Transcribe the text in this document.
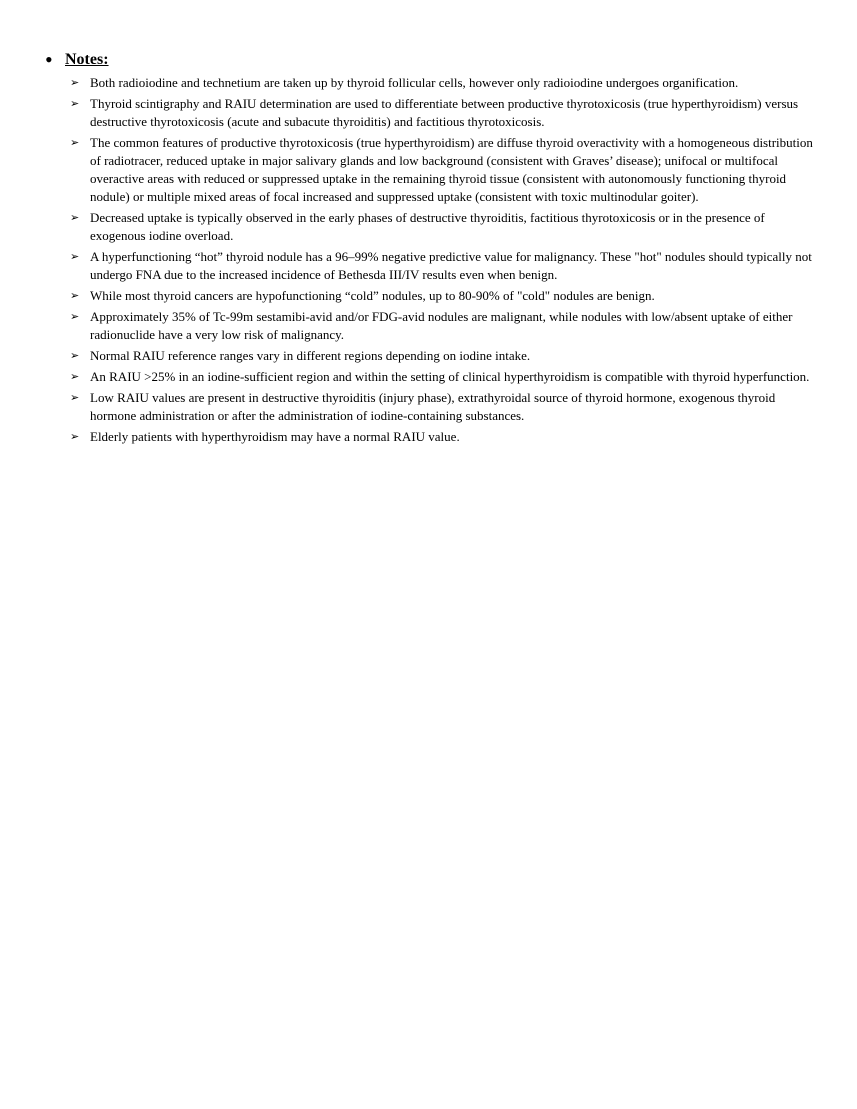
• Notes:
➢ Both radioiodine and technetium are taken up by thyroid follicular cells, however only radioiodine undergoes organification.
➢ Thyroid scintigraphy and RAIU determination are used to differentiate between productive thyrotoxicosis (true hyperthyroidism) versus destructive thyrotoxicosis (acute and subacute thyroiditis) and factitious thyrotoxicosis.
➢ The common features of productive thyrotoxicosis (true hyperthyroidism) are diffuse thyroid overactivity with a homogeneous distribution of radiotracer, reduced uptake in major salivary glands and low background (consistent with Graves’ disease); unifocal or multifocal overactive areas with reduced or suppressed uptake in the remaining thyroid tissue (consistent with autonomously functioning thyroid nodule) or multiple mixed areas of focal increased and suppressed uptake (consistent with toxic multinodular goiter).
➢ Decreased uptake is typically observed in the early phases of destructive thyroiditis, factitious thyrotoxicosis or in the presence of exogenous iodine overload.
➢ A hyperfunctioning “hot” thyroid nodule has a 96–99% negative predictive value for malignancy. These "hot" nodules should typically not undergo FNA due to the increased incidence of Bethesda III/IV results even when benign.
➢ While most thyroid cancers are hypofunctioning “cold” nodules, up to 80-90% of "cold" nodules are benign.
➢ Approximately 35% of Tc-99m sestamibi-avid and/or FDG-avid nodules are malignant, while nodules with low/absent uptake of either radionuclide have a very low risk of malignancy.
➢ Normal RAIU reference ranges vary in different regions depending on iodine intake.
➢ An RAIU >25% in an iodine-sufficient region and within the setting of clinical hyperthyroidism is compatible with thyroid hyperfunction.
➢ Low RAIU values are present in destructive thyroiditis (injury phase), extrathyroidal source of thyroid hormone, exogenous thyroid hormone administration or after the administration of iodine-containing substances.
➢ Elderly patients with hyperthyroidism may have a normal RAIU value.
